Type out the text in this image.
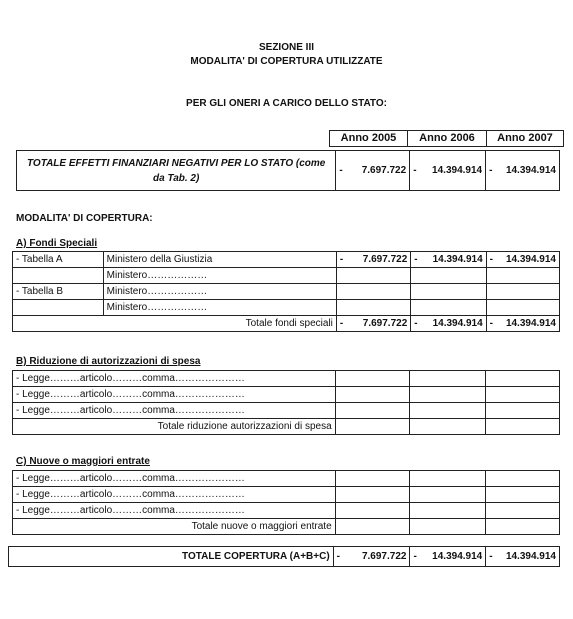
SEZIONE III
MODALITA' DI COPERTURA UTILIZZATE
PER GLI ONERI A CARICO DELLO STATO:
Anno 2005	Anno 2006	Anno 2007
TOTALE EFFETTI FINANZIARI NEGATIVI PER LO STATO (come da Tab. 2)	
- 7.697.722	- 14.394.914	- 14.394.914
MODALITA' DI COPERTURA:
A) Fondi Speciali
- Tabella A	Ministero della Giustizia	- 7.697.722	- 14.394.914	- 14.394.914
	Ministero………………			
- Tabella B	Ministero………………			
	Ministero………………			
Totale fondi speciali		- 7.697.722	- 14.394.914	- 14.394.914
B) Riduzione di autorizzazioni di spesa
- Legge………articolo………comma…………………			
- Legge………articolo………comma…………………			
- Legge………articolo………comma…………………			
Totale riduzione autorizzazioni di spesa			
C) Nuove o maggiori entrate
- Legge………articolo………comma…………………			
- Legge………articolo………comma…………………			
- Legge………articolo………comma…………………			
Totale nuove o maggiori entrate			
TOTALE COPERTURA (A+B+C)	- 7.697.722	- 14.394.914	- 14.394.914
